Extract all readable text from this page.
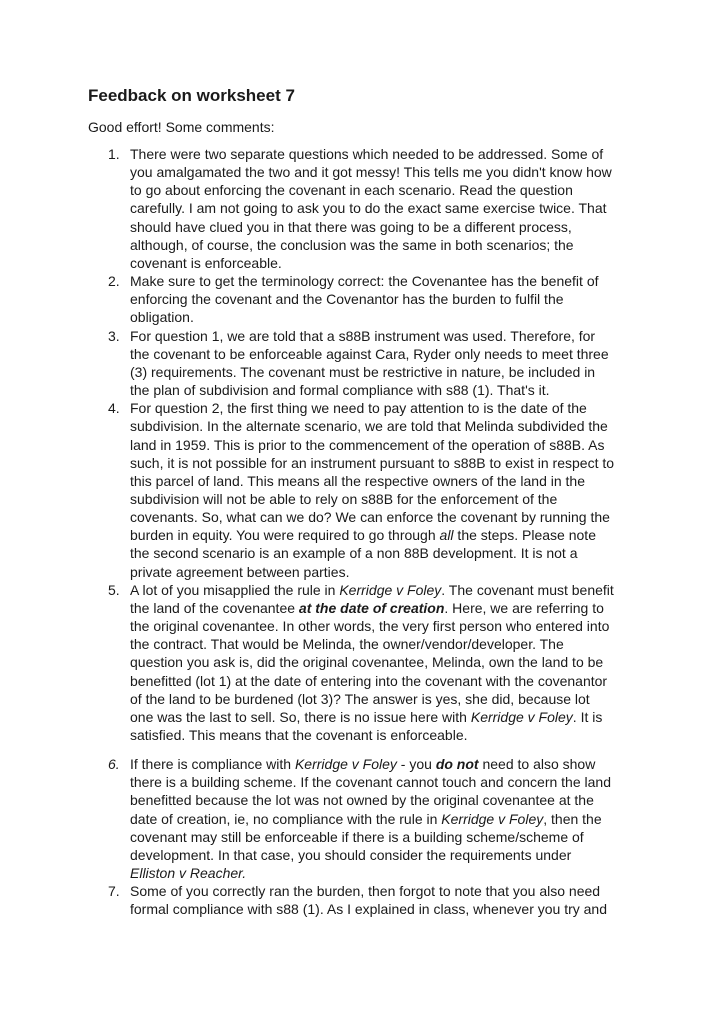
Feedback on worksheet 7

Good effort! Some comments:

1. There were two separate questions which needed to be addressed. Some of
you amalgamated the two and it got messy! This tells me you didn't know how
to go about enforcing the covenant in each scenario. Read the question
carefully. I am not going to ask you to do the exact same exercise twice. That
should have clued you in that there was going to be a different process,
although, of course, the conclusion was the same in both scenarios; the
covenant is enforceable.
2. Make sure to get the terminology correct: the Covenantee has the benefit of
enforcing the covenant and the Covenantor has the burden to fulfil the
obligation.
3. For question 1, we are told that a s88B instrument was used. Therefore, for
the covenant to be enforceable against Cara, Ryder only needs to meet three
(3) requirements. The covenant must be restrictive in nature, be included in
the plan of subdivision and formal compliance with s88 (1). That's it.
4. For question 2, the first thing we need to pay attention to is the date of the
subdivision. In the alternate scenario, we are told that Melinda subdivided the
land in 1959. This is prior to the commencement of the operation of s88B. As
such, it is not possible for an instrument pursuant to s88B to exist in respect to
this parcel of land. This means all the respective owners of the land in the
subdivision will not be able to rely on s88B for the enforcement of the
covenants. So, what can we do? We can enforce the covenant by running the
burden in equity. You were required to go through all the steps. Please note
the second scenario is an example of a non 88B development. It is not a
private agreement between parties.
5. A lot of you misapplied the rule in Kerridge v Foley. The covenant must benefit
the land of the covenantee at the date of creation. Here, we are referring to
the original covenantee. In other words, the very first person who entered into
the contract. That would be Melinda, the owner/vendor/developer. The
question you ask is, did the original covenantee, Melinda, own the land to be
benefitted (lot 1) at the date of entering into the covenant with the covenantor
of the land to be burdened (lot 3)? The answer is yes, she did, because lot
one was the last to sell. So, there is no issue here with Kerridge v Foley. It is
satisfied. This means that the covenant is enforceable.
6. If there is compliance with Kerridge v Foley - you do not need to also show
there is a building scheme. If the covenant cannot touch and concern the land
benefitted because the lot was not owned by the original covenantee at the
date of creation, ie, no compliance with the rule in Kerridge v Foley, then the
covenant may still be enforceable if there is a building scheme/scheme of
development. In that case, you should consider the requirements under
Elliston v Reacher.
7. Some of you correctly ran the burden, then forgot to note that you also need
formal compliance with s88 (1). As I explained in class, whenever you try and
